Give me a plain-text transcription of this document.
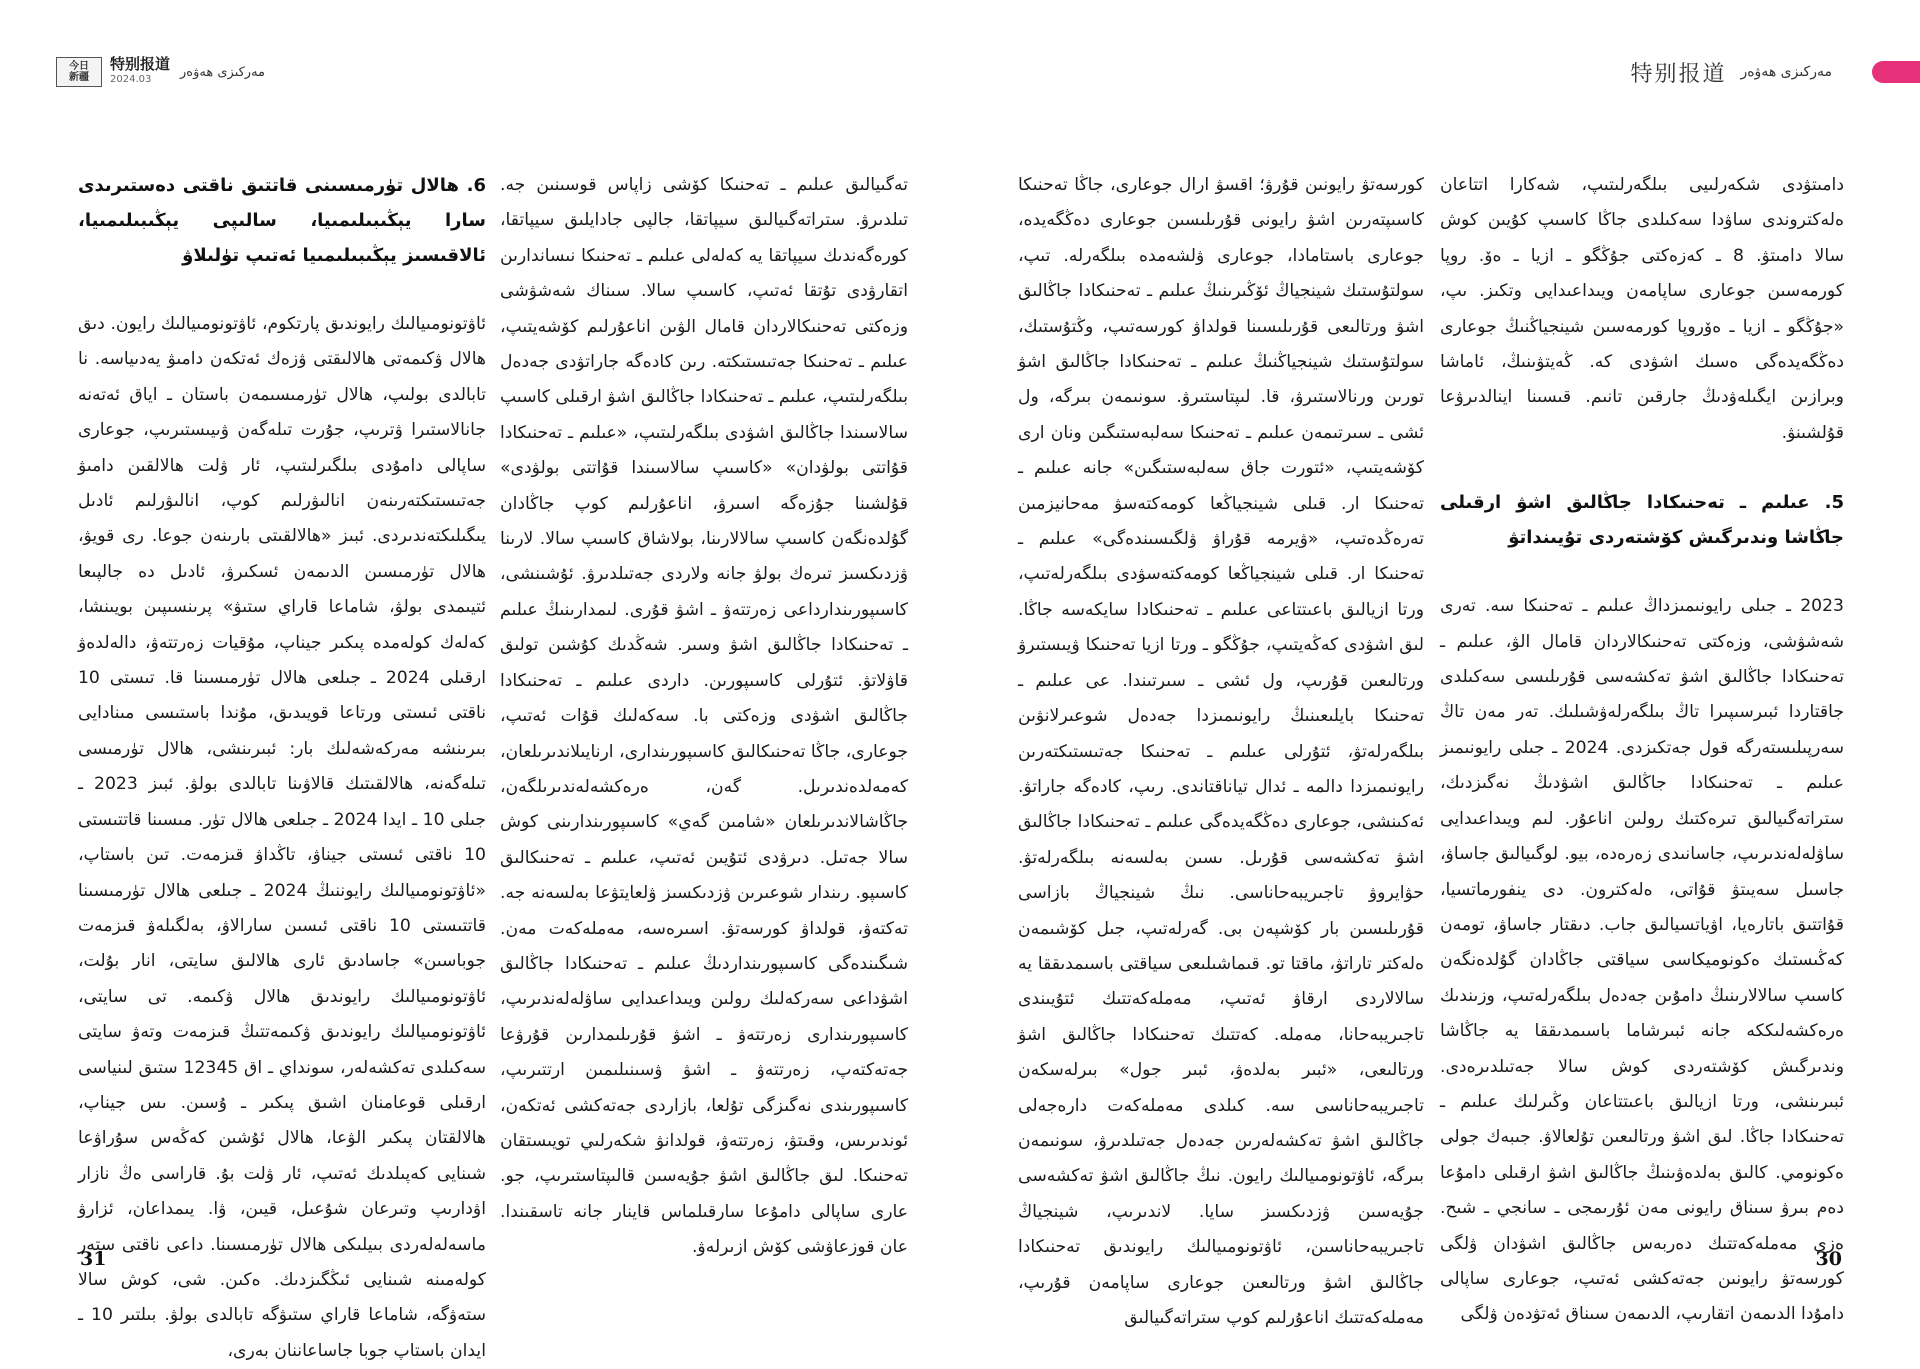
今日
新疆
特别报道
2024.03	مەركىزى ھەۋەر	特别报道 مەركىزى ھەۋەر

6. ھالال تۈرمىسىنى قاتتىق ناقتى دەستىرىدى سارا يېڭىبىلىمىيا، سالىپى يېڭىبىلىمىيا، ئالاقىسىز يېڭىبىلىمىيا ئەتىپ تۈلىلاۋ

ئاۋتونومىيالىك رايوندىق پارتكوم، ئاۋتونومىيالىك رايون. دىق ھالال ۋكىمەتى ھالالىقتى ۋزەك ئەتكەن دامىۋ يەدىياسە. نا تابالدى بولىپ، ھالال تۈرمىسىمەن باستان ـ اياق ئەتەنە جانالاستىرا ۋترىپ، جۇرت تىلەگەن ۋىيىستىرىپ، جوعارى ساپالى دامۇدى بىلگىرلىتىپ، ئار ۋلت ھالالقىن دامىۋ جەتىستىكتەرىنەن انالىۋرلىم كوپ، انالىۋرلىم ئادىل يىگىلىكتەندىردى. ئبىز «ھالالقىتى بارىنەن جوعا. رى قويۋ، ھالال تۈرمىسىن الدىمەن ئسكىرۋ، ئادىل دە جالپىعا ئتيىمدى بولۋ، شاماعا قاراي ستىۋ» پرىنسىپىن بويىنشا، كەلەك كولەمدە پىكىر جيناپ، مۇقيات زەرتتەۋ، دالەلدەۋ ارقىلى 2024 ـ جىلعى ھالال تۈرمىسىنا قا. تىستى 10 ناقتى ئىستى ورتاعا قويىدىق، مۇندا باستىسى مىنادايى بىرىنشە مەركەشەلىك بار: ئبىرىنشى، ھالال تۈرمىسى تىلەگەنە، ھالالقىتىك قالاۋىنا تابالدى بولۋ. ئبىز 2023 ـ جىلى 10 ـ ايدا 2024 ـ جىلعى ھالال تۈر. مىسىنا قاتتىستى 10 ناقتى ئىستى جيناۋ، تاڭداۋ قىزمەت. تىن باستاپ، «ئاۋتونومىيالىك رايوننىڭ 2024 ـ جىلعى ھالال تۈرمىسىنا قاتتىستى 10 ناقتى ئىسىن سارالاۋ، بەلگىلەۋ قىزمەت جوباسىن» جاسادىق ئارى ھالالىق سايتى، انار بۇلت، ئاۋتونومىيالىك رايوندىق ھالال ۋكىمە. تى سايتى، ئاۋتونومىيالىك رايوندىق ۋكىمەتتىڭ قىزمەت وتەۋ سايتى سەكىلدى تەكشەلەر، سونداي ـ اق 12345 ستىق لىنياسى ارقىلى قوعامنان اشىق پىكىر ـ ۇسىن. ىس جيناپ، ھالالقتان پىكىر الۋعا، ھالال ئۇشىن كەڭەس سۇراۋعا شىنايى كەپىلدىك ئەتىپ، ئار ۋلت بۇ. قاراسى ەڭ نازار اۋدارىپ وتىرعان شۇعىل، قيىن، ۋا. يىمداعان، ئزارۋ ماسەلەلەردى بىيلىكى ھالال تۈرمىسىنا. داعى ناقتى ستەر كولەمىنە شىنايى ئىڭگىزدىك. ەكىن. شى، كوش سالا ستەۋگە، شاماعا قاراي ستىۋگە تابالدى بولۋ. بىلتىر 10 ـ ايدان باستاپ جوبا جاساعاننان بەرى،

تەگىيالىق عىلىم ـ تەحنىكا كۆشى زاپاس قوسىنىن جە. تىلدىرۋ. ستراتەگىيالىق سيپاتقا، جالپى جادايلىق سيپاتقا، كورەگەندىك سيپاتقا يە كەلەلى عىلىم ـ تەحنىكا نىساندارىن اتقارۋدى تۇتقا ئەتىپ، كاسىپ سالا. سىناك شەشۋشى وزەكتى تەحنىكالاردان قامال الۋىن اناعۇرلىم كۆشەيتىپ، عىلىم ـ تەحنىكا جەتىستىكتە. رىن كادەگە جاراتۋدى جەدەل بىلگەرلىتىپ، عىلىم ـ تەحنىكادا جاڭالىق اشۋ ارقىلى كاسىپ سالاسىندا جاڭالىق اشۋدى بىلگەرلىتىپ، «عىلىم ـ تەحنىكادا قۇاتتى بولۋدان» «كاسىپ سالاسىندا قۇاتتى بولۋدى» قۇلشىنا جۇزەگە اسىرۋ، اناعۇرلىم كوپ جاڭادان گۇلدەنگەن كاسىپ سالالارىنا، بولاشاق كاسىپ سالا. لارىنا ۋزدىكسىز تىرەك بولۋ جانە ولاردى جەتىلدىرۋ. ئۇشىنشى، كاسىپورىندارداعى زەرتتەۋ ـ اشۋ قۇرى. لىمدارىنىڭ عىلىم ـ تەحنىكادا جاڭالىق اشۋ وسىر. شەڭدىك كۇشىن تولىق قاۋلاتۋ. ئتۇرلى كاسىپورىن. داردى عىلىم ـ تەحنىكادا جاڭالىق اشۋدى وزەكتى با. سەكەلىك قۇات ئەتىپ، جوعارى، جاڭا تەحنىكالىق كاسىپورىندارى، ارنايىلاندىرىلعان، كەمەلدەندىرىل. گەن، ەرەكشەلەندىرىلگەن، جاڭاشالاندىرىلعان «شامىن گەي» كاسىپورىندارىنى كوش سالا جەتىل. دىرۋدى ئتۇيىن ئەتىپ، عىلىم ـ تەحنىكالىق كاسىپو. رىندار شوعىرىن ۋزدىكسىز ۋلعايتۋعا بەلسەنە جە. تەكتەۋ، قولداۋ كورسەتۋ. اسىرەسە، مەملەكەت مەن. شىگىندەگى كاسىپورىنداردىڭ عىلىم ـ تەحنىكادا جاڭالىق اشۋداعى سەركەلىك رولىن ويىداعىدايى ساۋلەلەندىرىپ، كاسىپورىندارى زەرتتەۋ ـ اشۋ قۇرىلىمدارىن قۇرۋعا جەتەكتەپ، زەرتتەۋ ـ اشۋ ۋسىنىلىمىن ارتتىرىپ، كاسىپورىندى نەگىزگى تۇلعا، بازاردى جەتەكشى ئەتكەن، ئوندىرىس، وقىتۋ، زەرتتەۋ، قولدانۋ شكەرلىي تويىستقان تەحنىكا. لىق جاڭالىق اشۋ جۇيەسىن قالىپتاستىرىپ، جو. عارى ساپالى دامۇعا سارقىلماس قاينار جانە تاسقىندا. عان قوزعاۋشى كۆش ازىرلەۋ.

كورسەتۋ رايونىن قۇرۋ؛ اقسۋ ارال جوعارى، جاڭا تەحنىكا كاسىپتەرىن اشۋ رايونى قۇرىلىسىن جوعارى دەڭگەيدە، جوعارى باستامادا، جوعارى ۋلشەمدە بىلگەرلە. تىپ، سولتۇستىك شينجياڭ ئۆڭىرىنىڭ عىلىم ـ تەحنىكادا جاڭالىق اشۋ ورتالىعى قۇرىلىسىنا قولداۋ كورسەتىپ، وڭتۇستىك، سولتۇستىك شينجياڭنىڭ عىلىم ـ تەحنىكادا جاڭالىق اشۋ تورىن ورنالاستىرۋ، قا. لىپتاستىرۋ. سونىمەن بىرگە، ول ئشى ـ سىرتىمەن عىلىم ـ تەحنىكا سەلبەستىگىن ونان ارى كۆشەيتىپ، «ئتورت جاق سەلبەستىگىن» جانە عىلىم ـ تەحنىكا ار. قىلى شينجياڭعا كومەكتەسۋ مەحانيزمىن تەرەڭدەتىپ، «ۋيرمە قۇراۋ ۋلگىسىندەگى» عىلىم ـ تەحنىكا ار. قىلى شينجياڭعا كومەكتەسۋدى بىلگەرلەتىپ، ورتا ازيالىق باعىتتاعى عىلىم ـ تەحنىكادا سايكەسە جاڭا. لىق اشۋدى كەڭەيتىپ، جۇڭگو ـ ورتا ازيا تەحنىكا ۋيىستىرۋ ورتالىعىن قۇرىپ، ول ئشى ـ سىرتىندا. عى عىلىم ـ تەحنىكا بايلىعىنىڭ رايونىمىزدا جەدەل شوعىرلانۋىن بىلگەرلەتۋ، ئتۇرلى عىلىم ـ تەحنىكا جەتىستىكتەرىن رايونىمىزدا دالمە ـ ئدال تياناقتاندى. رىپ، كادەگە جاراتۋ. ئەكىنشى، جوعارى دەڭگەيدەگى عىلىم ـ تەحنىكادا جاڭالىق اشۋ تەكشەسى قۇرىل. ىسىن بەلسەنە بىلگەرلەتۋ. حۋايروۋ تاجىريبەحاناسى. نىڭ شينجياڭ بازاسى قۇرىلىسىن بار كۆشپەن بى. گەرلەتىپ، جىل كۆشىمەن ەلەكتر تاراتۋ، ماقتا تو. قىماشىلىعى سياقتى باسىمدىققا يە سالالاردى ارقاۋ ئەتىپ، مەملەكەتتىك ئتۇيىندى تاجىريبەحانا، مەملە. كەتتىك تەحنىكادا جاڭالىق اشۋ ورتالىعى، «ئبىر بەلدەۋ، ئبىر جول» بىرلەسكەن تاجىريبەحاناسى سە. كىلدى مەملەكەت دارەجەلى جاڭالىق اشۋ تەكشەلەرىن جەدەل جەتىلدىرۋ، سونىمەن بىرگە، ئاۋتونومىيالىك رايون. نىڭ جاڭالىق اشۋ تەكشەسى جۇيەسىن ۋزدىكسىز سايا. لاندىرىپ، شينجياڭ تاجىريبەحاناسىن، ئاۋتونومىيالىك رايوندىق تەحنىكادا جاڭالىق اشۋ ورتالىعىن جوعارى ساپامەن قۇرىپ، مەملەكەتتىك اناعۇرلىم كوپ ستراتەگىيالىق

دامىتۋدى شكەرلىيى بىلگەرلىتىپ، شەكارا اتتاعان ەلەكتروندى ساۋدا سەكىلدى جاڭا كاسىپ كۇيىن كوش سالا دامىتۋ. 8 ـ كەزەكتى جۇڭگو ـ ازيا ـ ەۆ. روپا كورمەسىن جوعارى ساپامەن ويىداعىدايى وتكىز. ىپ، «جۇڭگو ـ ازيا ـ ەۆروپا كورمەسىن شينجياڭنىڭ جوعارى دەڭگەيدەگى ەسىك اشۋدى كە. ڭەيتۋىنىڭ، ئاماشا وبرازىن ايگىلەۋدىڭ جارقىن تانىم. قىسىنا اينالدىرۋعا قۇلشىنۋ.

5. عىلىم ـ تەحنىكادا جاڭالىق اشۋ ارقىلى جاڭاشا وندىرگىش كۆشتەردى تۇيىنداتۋ

2023 ـ جىلى رايونىمىزداڭ عىلىم ـ تەحنىكا سە. تەرى شەشۋشى، وزەكتى تەحنىكالاردان قامال الۋ، عىلىم ـ تەحنىكادا جاڭالىق اشۋ تەكشەسى قۇرىلىسى سەكىلدى جاقتاردا ئبىرسىپىرا تاڭ بىلگەرلەۋشىلىك. تەر مەن تاڭ سەرپىلىستەرگە قول جەتكىزدى. 2024 ـ جىلى رايونىمىز عىلىم ـ تەحنىكادا جاڭالىق اشۋدىڭ نەگىزدىك، ستراتەگىيالىق تىرەكتىك رولىن اناعۇر. لىم ويىداعىدايى ساۋلەلەندىرىپ، جاسانىدى زەرەدە، بيو. لوگىيالىق جاساۋ، جاسىل سەيىتۋ قۇاتى، ەلەكترون. دى ينفورماتسيا، قۇاتتىق باتارەيا، اۋياتسيالىق جاب. دىقتار جاساۋ، تومەن كەڭىستىك ەكونوميكاسى سياقتى جاڭادان گۇلدەنگەن كاسىپ سالالارىنىڭ دامۇىن جەدەل بىلگەرلەتىپ، وزىندىك ەرەكشەلىككە جانە ئبىرشاما باسىمدىققا يە جاڭاشا وندىرگىش كۆشتەردى كوش سالا جەتىلدىرەدى. ئبىرىنشى، ورتا ازيالىق باعىتتاعان وڭىرلىك عىلىم ـ تەحنىكادا جاڭا. لىق اشۋ ورتالىعىن تۇلعالاۋ. جىبەك جولى ەكونومي. كالىق بەلدەۋىنىڭ جاڭالىق اشۋ ارقىلى دامۇعا دەم بىرۋ سىناق رايونى مەن ئۇرىمجى ـ سانجي ـ شىح. ەزى مەملەكەتتىك دەربەس جاڭالىق اشۋدان ۋلگى كورسەتۋ رايونىن جەتەكشى ئەتىپ، جوعارى ساپالى دامۇدا الدىمەن اتقارىپ، الدىمەن سىناق ئەتۋدەن ۋلگى

31	30
